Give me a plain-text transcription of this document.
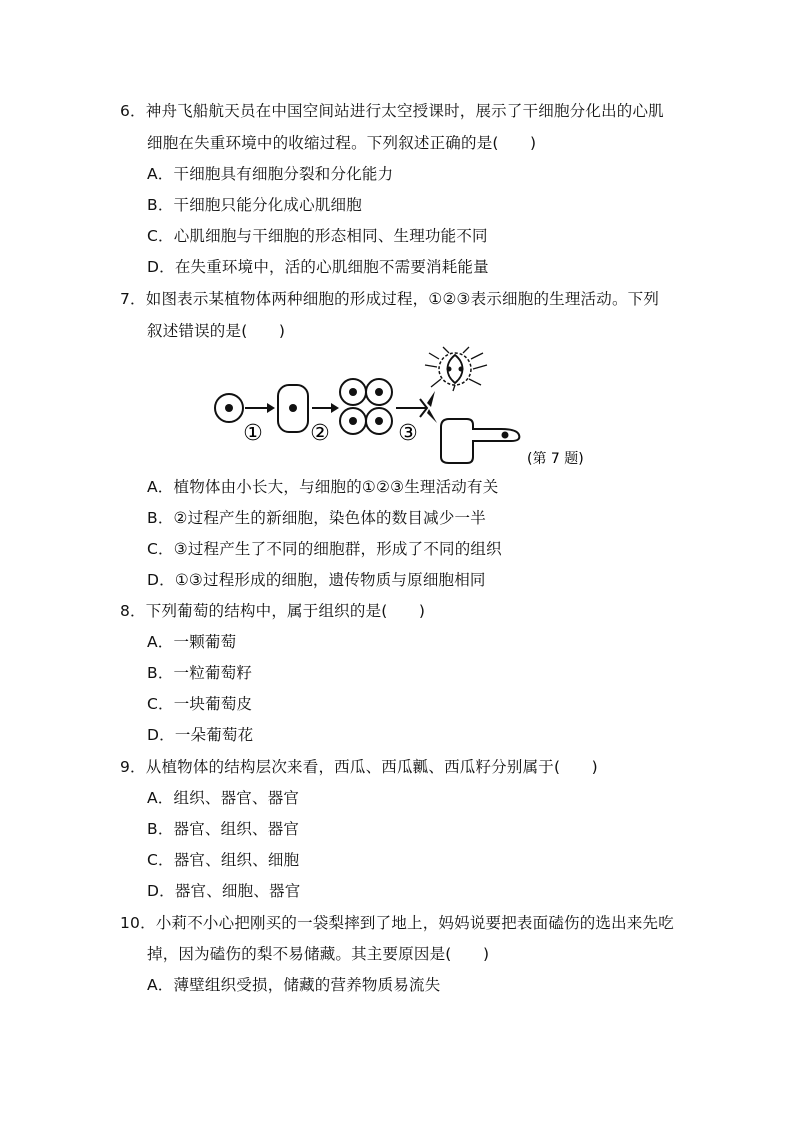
6．神舟飞船航天员在中国空间站进行太空授课时，展示了干细胞分化出的心肌
细胞在失重环境中的收缩过程。下列叙述正确的是(　　)
A．干细胞具有细胞分裂和分化能力
B．干细胞只能分化成心肌细胞
C．心肌细胞与干细胞的形态相同、生理功能不同
D．在失重环境中，活的心肌细胞不需要消耗能量
7．如图表示某植物体两种细胞的形成过程，①②③表示细胞的生理活动。下列
叙述错误的是(　　)
① ②	③
(第 7 题)
A．植物体由小长大，与细胞的①②③生理活动有关
B．②过程产生的新细胞，染色体的数目减少一半
C．③过程产生了不同的细胞群，形成了不同的组织
D．①③过程形成的细胞，遗传物质与原细胞相同
8．下列葡萄的结构中，属于组织的是(　　)
A．一颗葡萄
B．一粒葡萄籽
C．一块葡萄皮
D．一朵葡萄花
9．从植物体的结构层次来看，西瓜、西瓜瓤、西瓜籽分别属于(　　)
A．组织、器官、器官
B．器官、组织、器官
C．器官、组织、细胞
D．器官、细胞、器官
10．小莉不小心把刚买的一袋梨摔到了地上，妈妈说要把表面磕伤的选出来先吃
掉，因为磕伤的梨不易储藏。其主要原因是(　　)
A．薄壁组织受损，储藏的营养物质易流失
